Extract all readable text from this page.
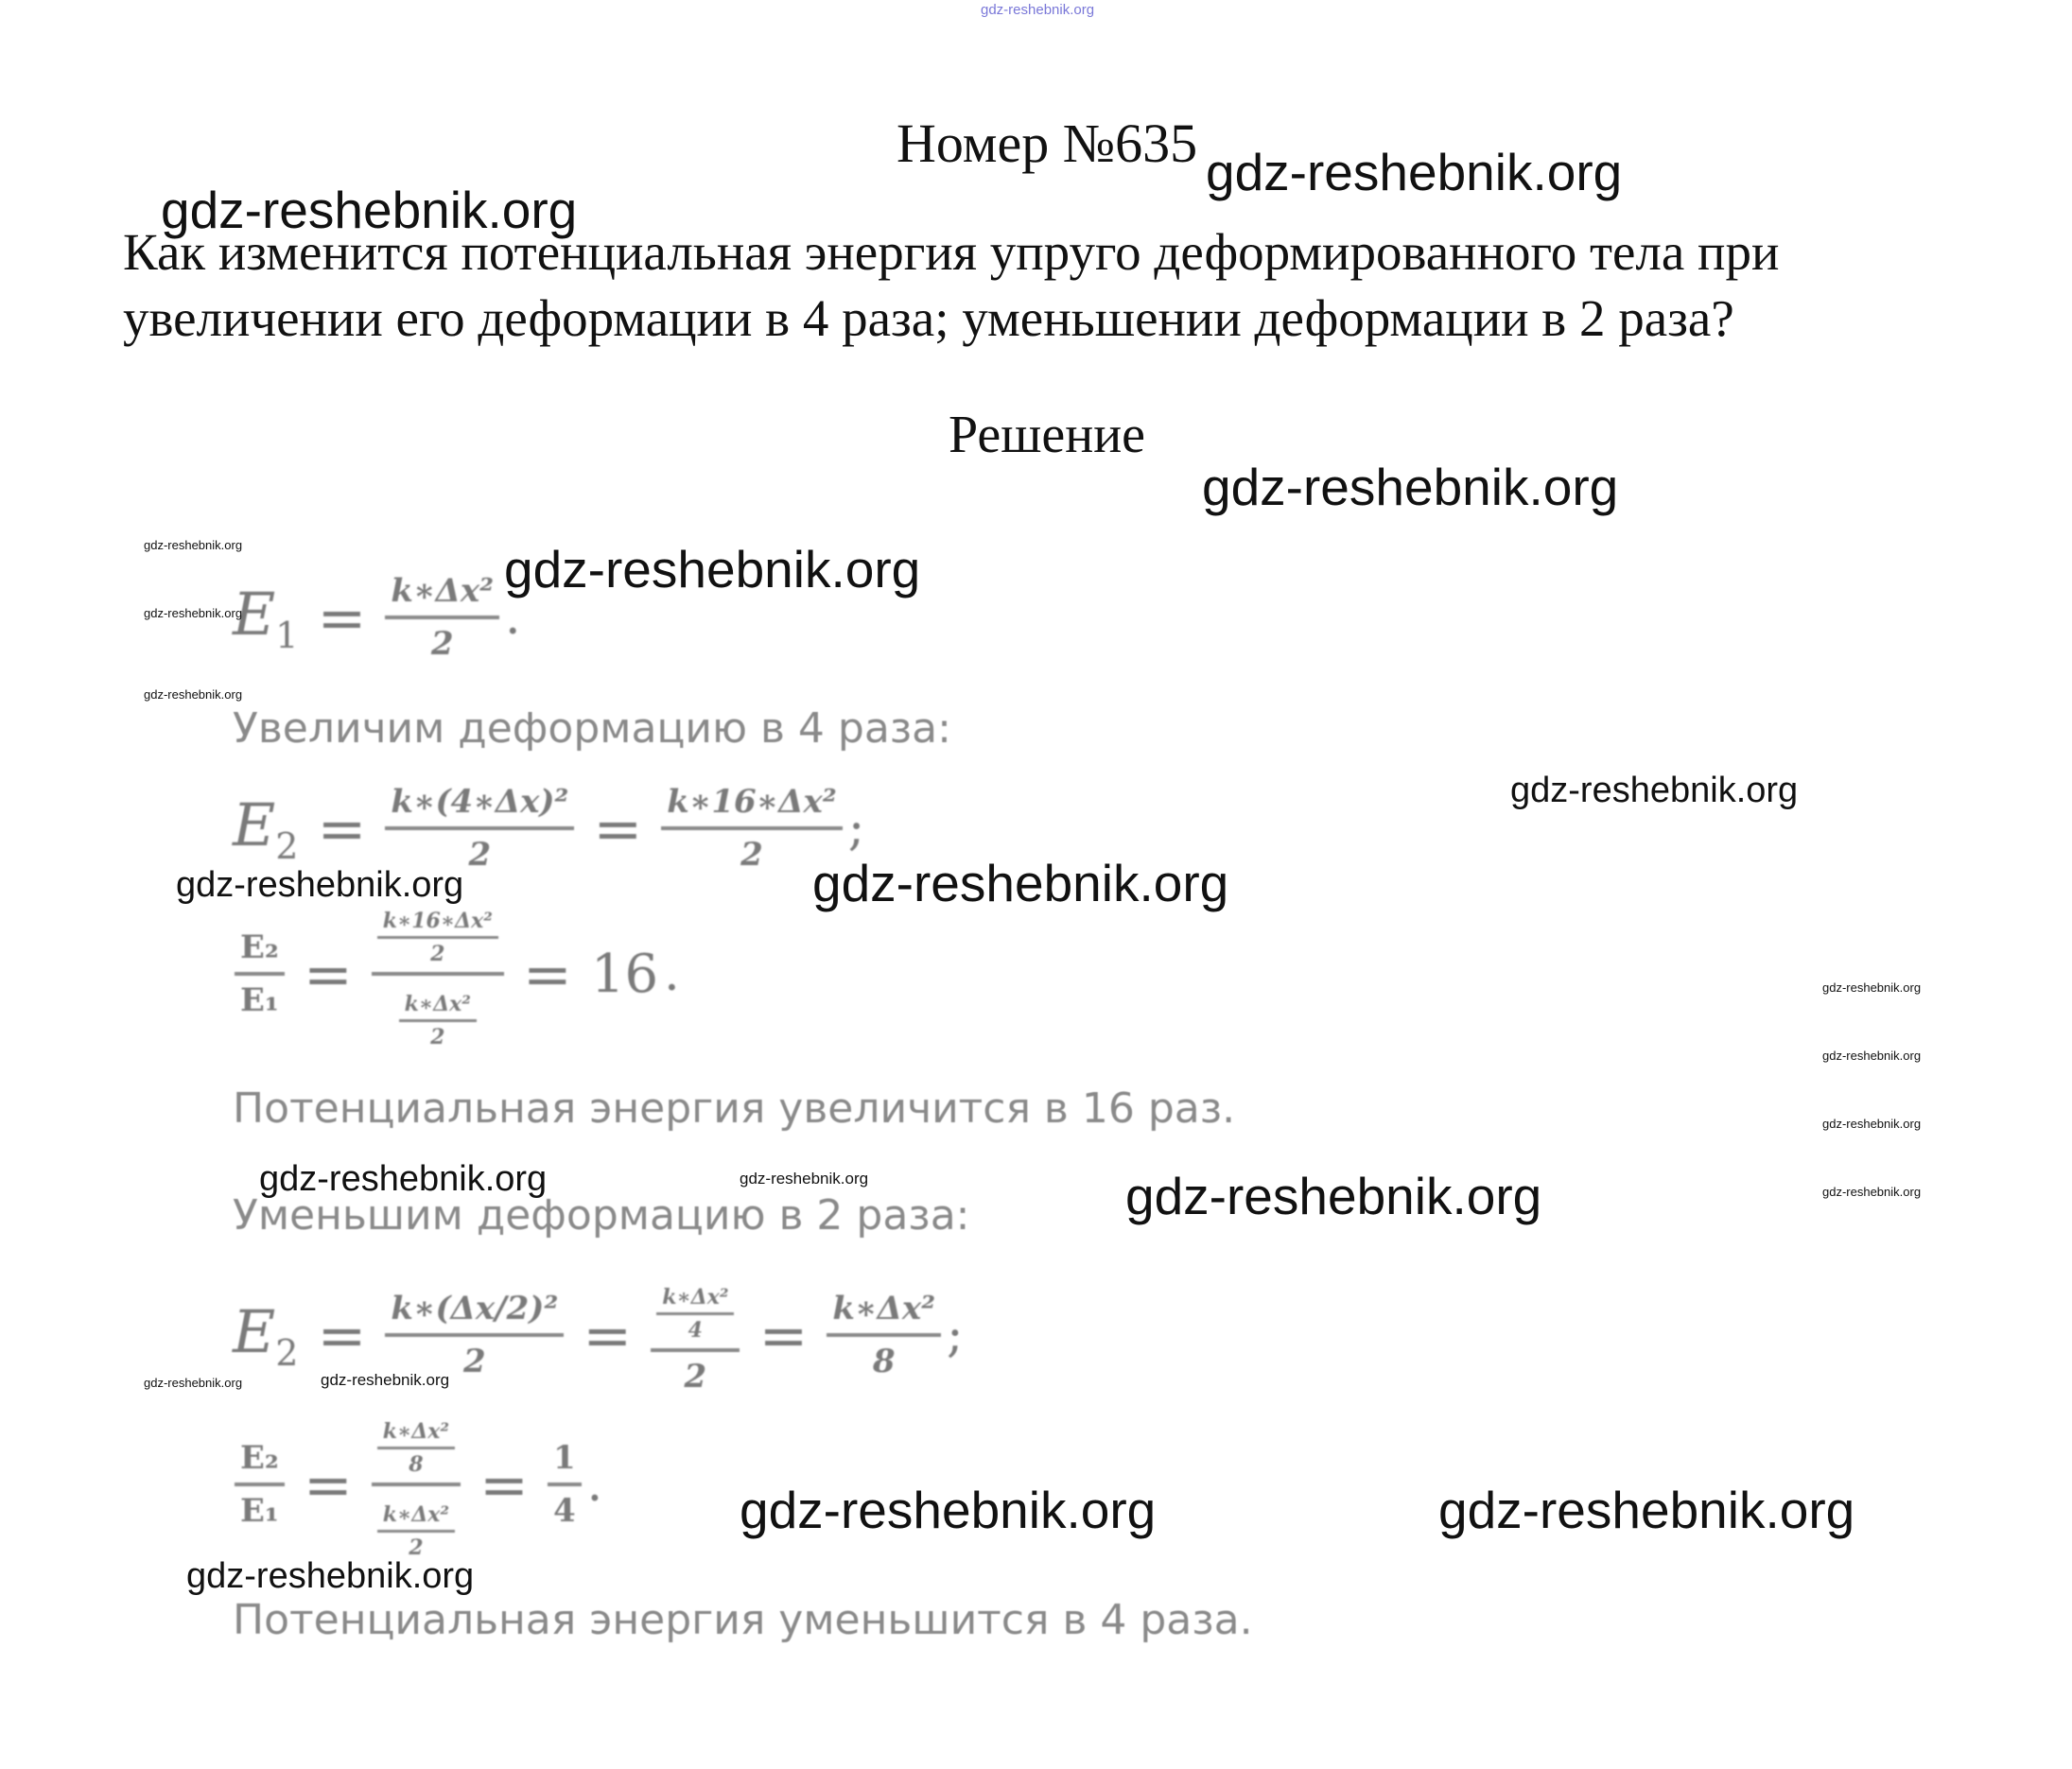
gdz-reshebnik.org
Номер №635
Как изменится потенциальная энергия упруго деформированного тела при увеличении его деформации в 4 раза; уменьшении деформации в 2 раза?
Решение
$E_1 = \frac{\text{k∗Δx²}}{2}$ .
Увеличим деформацию в 4 раза:
$E_2 = \frac{\text{k∗(4∗Δx)²}}{2} = \frac{\text{k∗16∗Δx²}}{2}$ ;
$\frac{\text{E₂}}{\text{E₁}} = \frac{\frac{\text{k∗16∗Δx²}}{2}}{\frac{\text{k∗Δx²}}{2}} = 16$ .
Потенциальная энергия увеличится в 16 раз.
Уменьшим деформацию в 2 раза:
$E_2 = \frac{\text{k∗(Δx/2)²}}{2} = \frac{\frac{\text{k∗Δx²}}{4}}{2} = \frac{\text{k∗Δx²}}{8}$ ;
$\frac{\text{E₂}}{\text{E₁}} = \frac{\frac{\text{k∗Δx²}}{8}}{\frac{\text{k∗Δx²}}{2}} = \frac{1}{4}$ .
Потенциальная энергия уменьшится в 4 раза.
gdz-reshebnik.org
gdz-reshebnik.org
gdz-reshebnik.org
gdz-reshebnik.org
gdz-reshebnik.org
gdz-reshebnik.org
gdz-reshebnik.org
gdz-reshebnik.org
gdz-reshebnik.org	gdz-reshebnik.org
gdz-reshebnik.org
gdz-reshebnik.org
gdz-reshebnik.org
gdz-reshebnik.org
gdz-reshebnik.org	gdz-reshebnik.org	gdz-reshebnik.org
gdz-reshebnik.org	gdz-reshebnik.org
gdz-reshebnik.org	gdz-reshebnik.org
gdz-reshebnik.org
